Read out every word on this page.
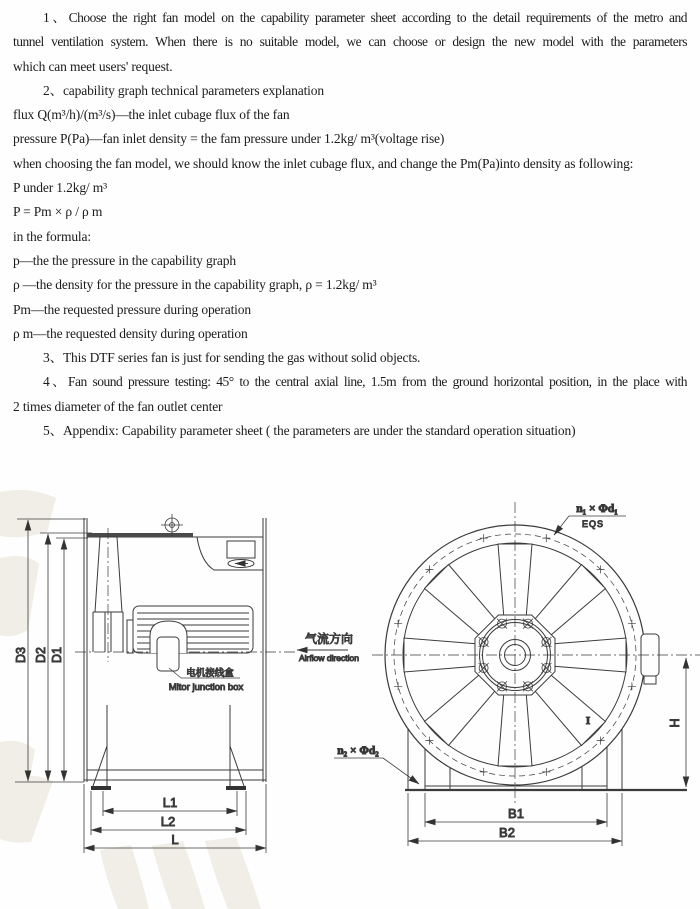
1、Choose the right fan model on the capability parameter sheet according to the detail requirements of the metro and
tunnel ventilation system. When there is no suitable model, we can choose or design the new model with the parameters
which can meet users' request.
2、capability graph technical parameters explanation
flux Q(m³/h)/(m³/s)––the inlet cubage flux of the fan
pressure P(Pa)––fan inlet density = the fam pressure under 1.2kg/ m³(voltage rise)
when choosing the fan model, we should know the inlet cubage flux, and change the Pm(Pa)into density as following:
P under 1.2kg/ m³
P = Pm × ρ / ρ m
in the formula:
p––the the pressure in the capability graph
ρ ––the density for the pressure in the capability graph, ρ = 1.2kg/ m³
Pm––the requested pressure during operation
ρ m––the requested density during operation
3、This DTF series fan is just for sending the gas without solid objects.
4、Fan sound pressure testing: 45° to the central axial line, 1.5m from the ground horizontal position, in the place with
2 times diameter of the fan outlet center
5、Appendix: Capability parameter sheet ( the parameters are under the standard operation situation)
D3 D2 D1
L1
L2
L
电机接线盒
Mitor junction box
气流方向
Airflow direction
H
B1
B2
n₁ × Φd₁
EQS
n₂ × Φd₂
I
